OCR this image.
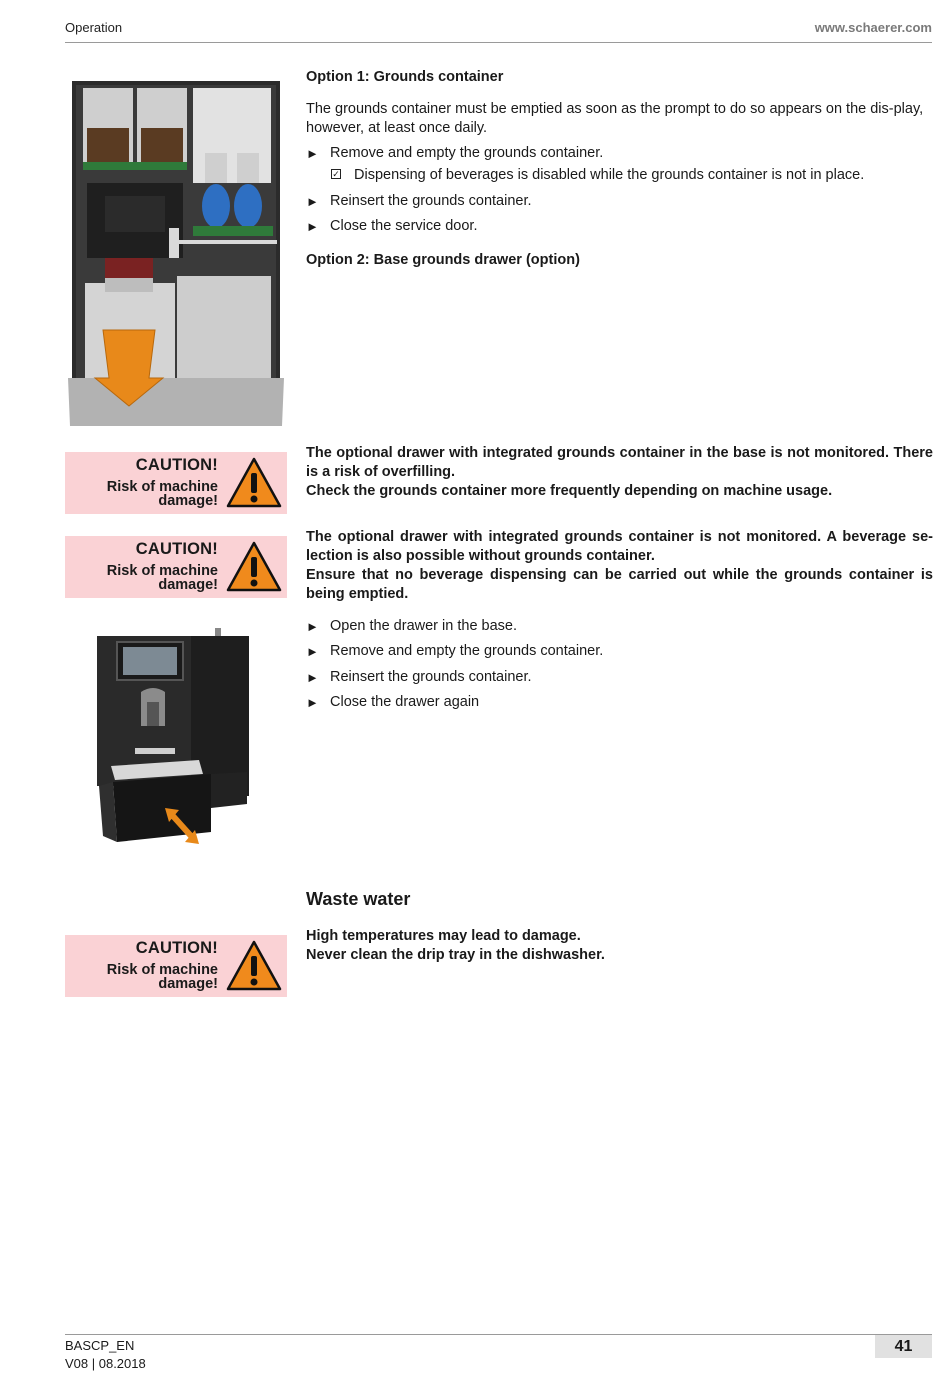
Operation	www.schaerer.com

Option 1: Grounds container

The grounds container must be emptied as soon as the prompt to do so appears on the dis-play, however, at least once daily.

► Remove and empty the grounds container.
✓ Dispensing of beverages is disabled while the grounds container is not in place.
► Reinsert the grounds container.
► Close the service door.

Option 2: Base grounds drawer (option)

CAUTION!
Risk of machine
damage!

The optional drawer with integrated grounds container in the base is not monitored. There is a risk of overfilling.

Check the grounds container more frequently depending on machine usage.

CAUTION!
Risk of machine
damage!

The optional drawer with integrated grounds container is not monitored. A beverage se-lection is also possible without grounds container.

Ensure that no beverage dispensing can be carried out while the grounds container is being emptied.

► Open the drawer in the base.
► Remove and empty the grounds container.
► Reinsert the grounds container.
► Close the drawer again

Waste water

CAUTION!
Risk of machine
damage!

High temperatures may lead to damage.

Never clean the drip tray in the dishwasher.

BASCP_EN
V08 | 08.2018
41
